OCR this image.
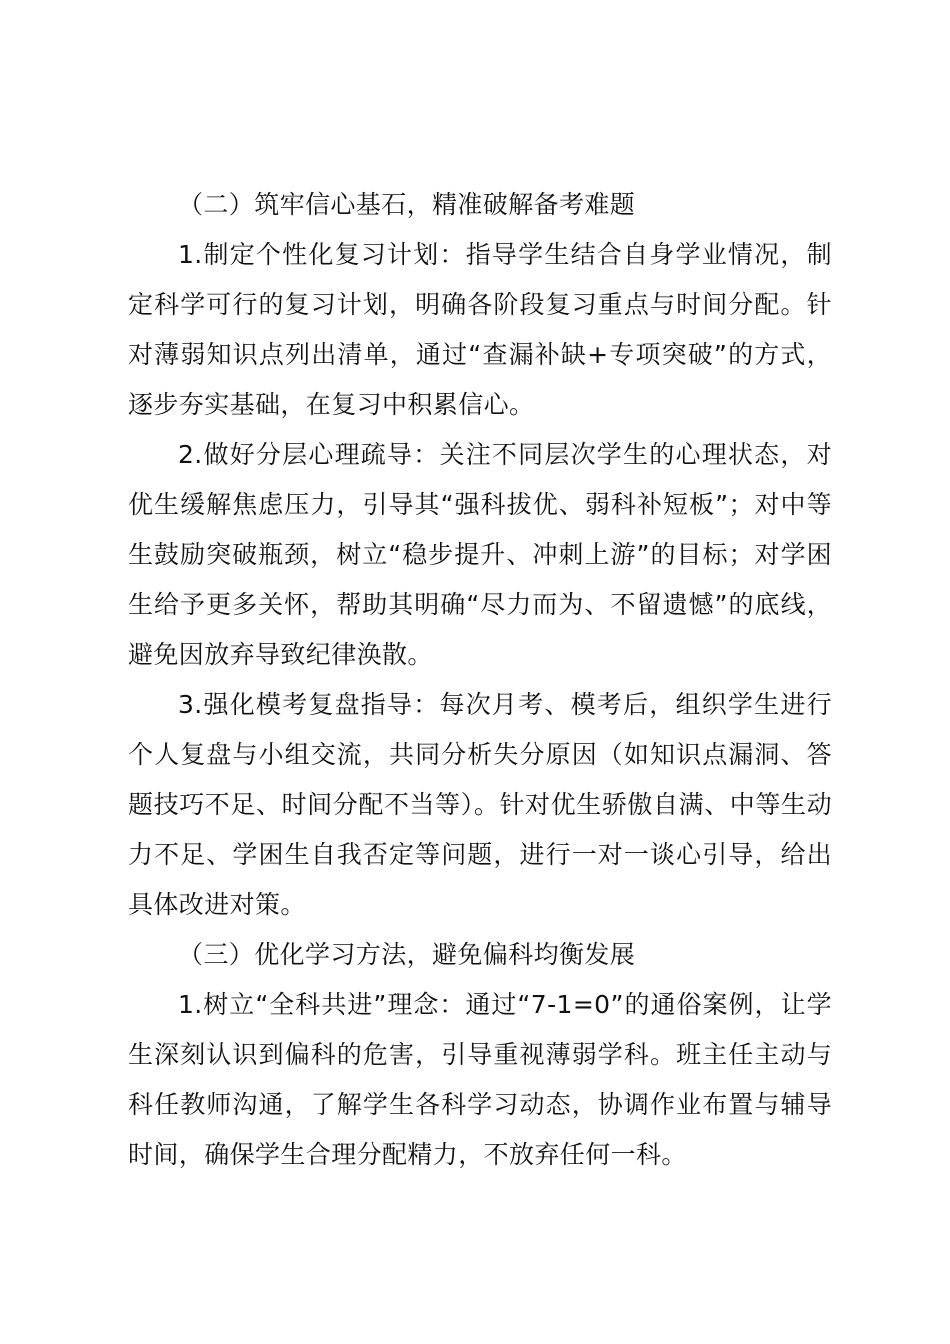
（二）筑牢信心基石，精准破解备考难题

1.制定个性化复习计划：指导学生结合自身学业情况，制定科学可行的复习计划，明确各阶段复习重点与时间分配。针对薄弱知识点列出清单，通过“查漏补缺+专项突破”的方式，逐步夯实基础，在复习中积累信心。

2.做好分层心理疏导：关注不同层次学生的心理状态，对优生缓解焦虑压力，引导其“强科拔优、弱科补短板”；对中等生鼓励突破瓶颈，树立“稳步提升、冲刺上游”的目标；对学困生给予更多关怀，帮助其明确“尽力而为、不留遗憾”的底线，避免因放弃导致纪律涣散。

3.强化模考复盘指导：每次月考、模考后，组织学生进行个人复盘与小组交流，共同分析失分原因（如知识点漏洞、答题技巧不足、时间分配不当等）。针对优生骄傲自满、中等生动力不足、学困生自我否定等问题，进行一对一谈心引导，给出具体改进对策。

（三）优化学习方法，避免偏科均衡发展

1.树立“全科共进”理念：通过“7-1=0”的通俗案例，让学生深刻认识到偏科的危害，引导重视薄弱学科。班主任主动与科任教师沟通，了解学生各科学习动态，协调作业布置与辅导时间，确保学生合理分配精力，不放弃任何一科。
